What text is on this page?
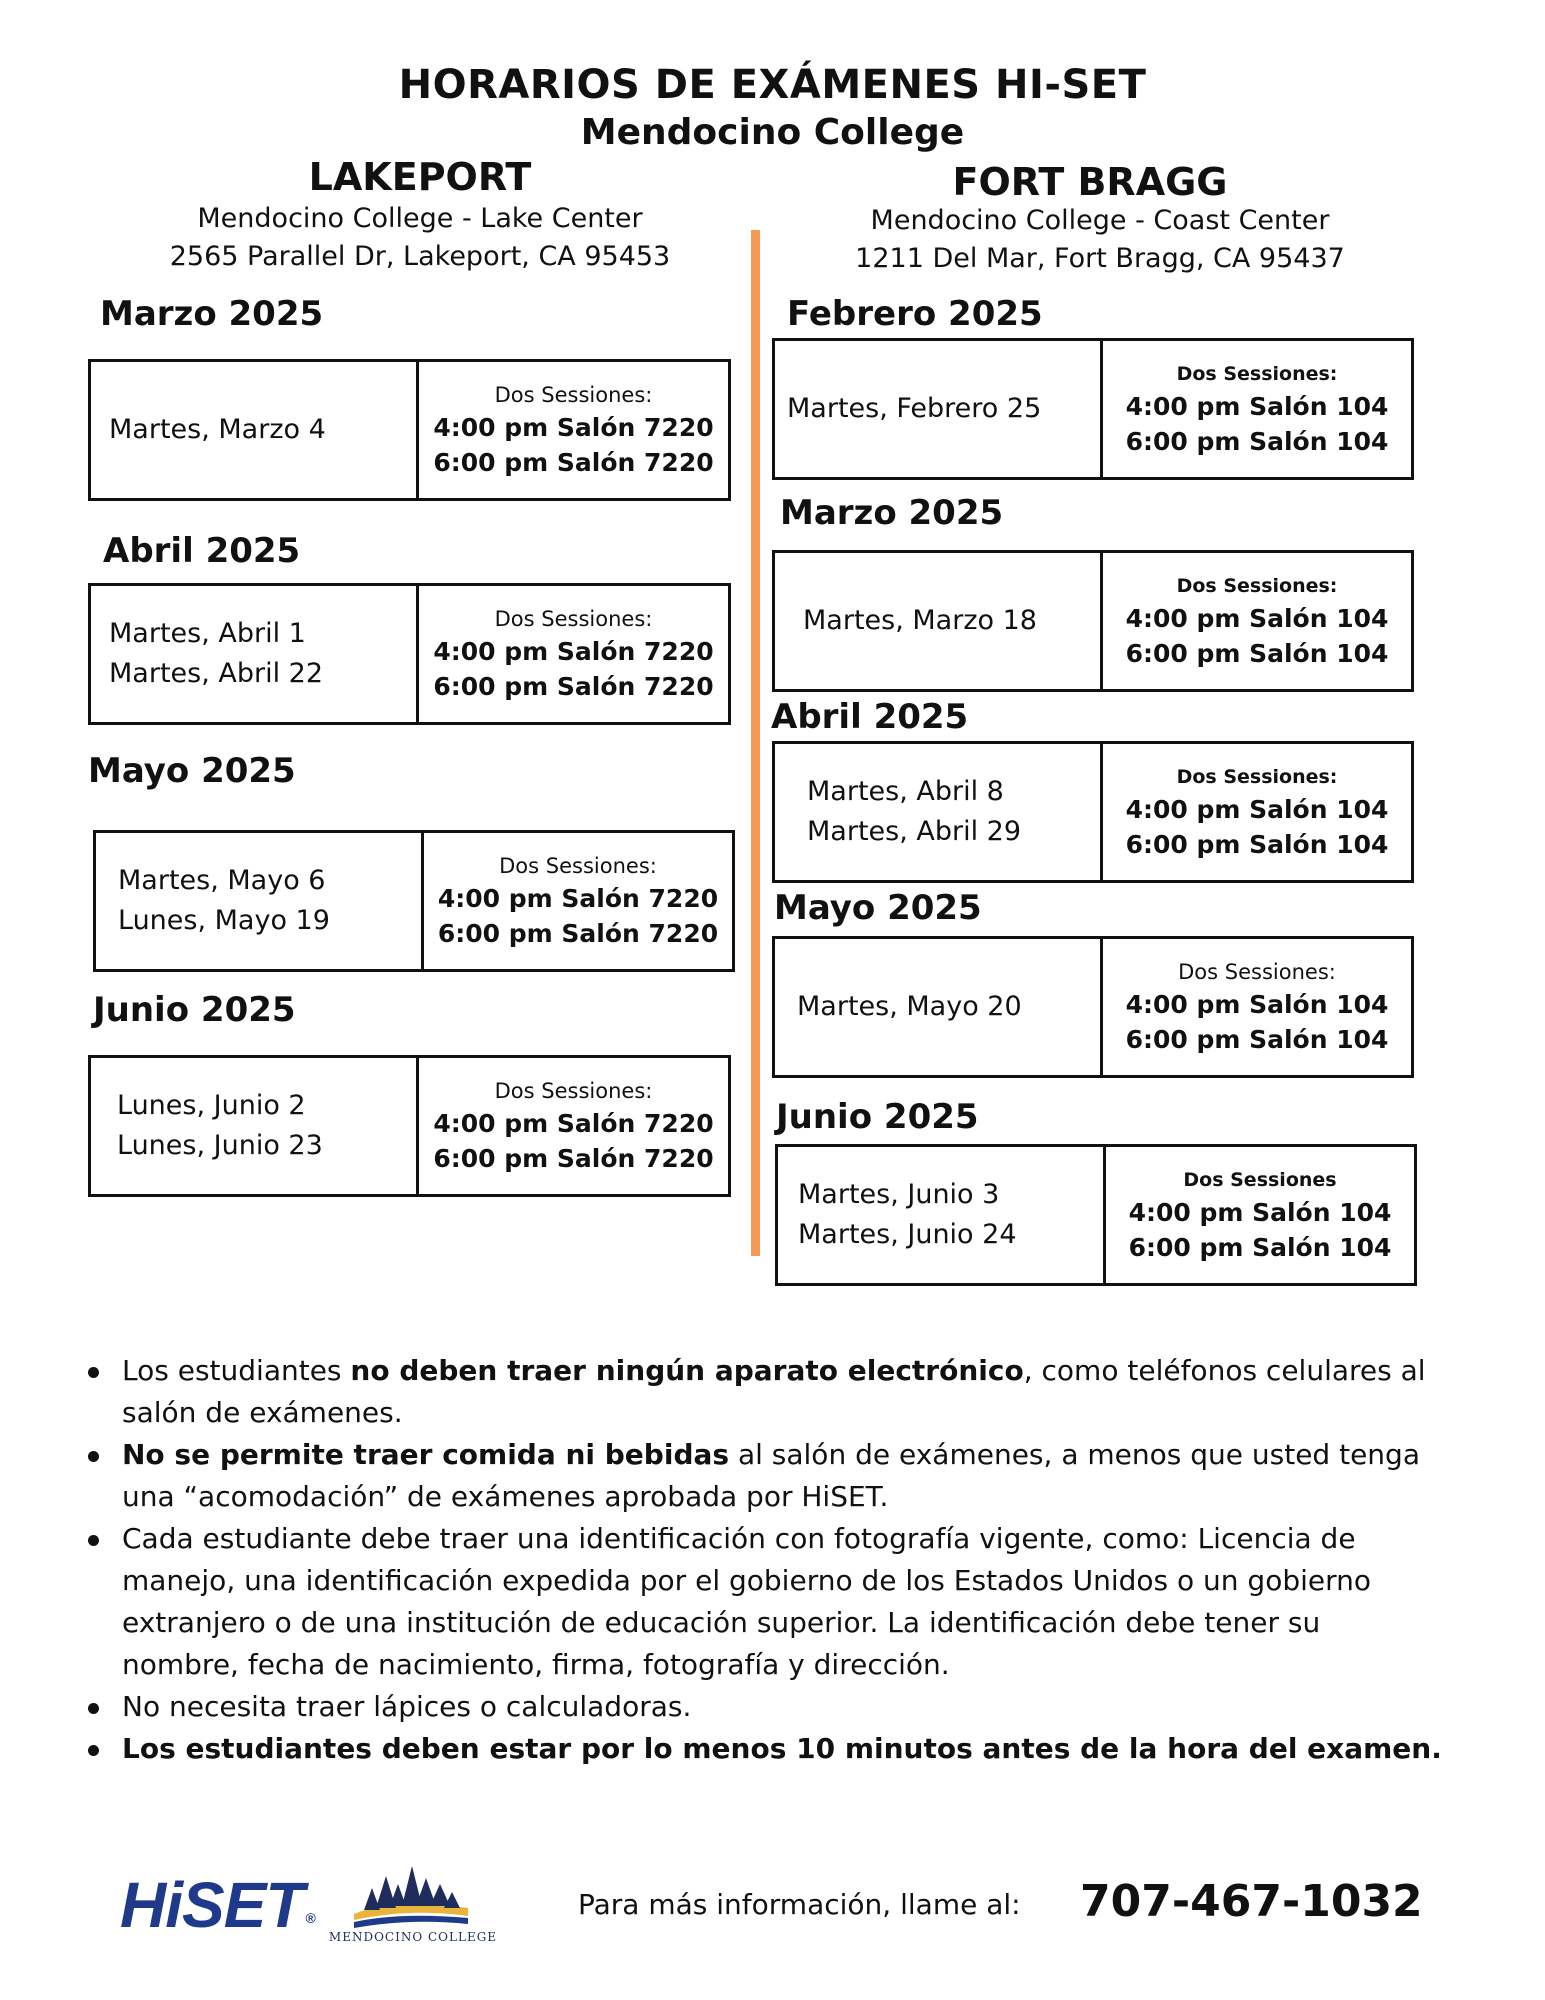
HORARIOS DE EXÁMENES HI-SET
Mendocino College
LAKEPORT
Mendocino College - Lake Center
2565 Parallel Dr, Lakeport, CA 95453
FORT BRAGG
Mendocino College - Coast Center
1211 Del Mar, Fort Bragg, CA 95437
Marzo 2025
Martes, Marzo 4
Dos Sessiones:
4:00 pm Salón 7220
6:00 pm Salón 7220
Abril 2025
Martes, Abril 1
Martes, Abril 22
Dos Sessiones:
4:00 pm Salón 7220
6:00 pm Salón 7220
Mayo 2025
Martes, Mayo 6
Lunes, Mayo 19
Dos Sessiones:
4:00 pm Salón 7220
6:00 pm Salón 7220
Junio 2025
Lunes, Junio 2
Lunes, Junio 23
Dos Sessiones:
4:00 pm Salón 7220
6:00 pm Salón 7220
Febrero 2025
Martes, Febrero 25
Dos Sessiones:
4:00 pm Salón 104
6:00 pm Salón 104
Marzo 2025
Martes, Marzo 18
Dos Sessiones:
4:00 pm Salón 104
6:00 pm Salón 104
Abril 2025
Martes, Abril 8
Martes, Abril 29
Dos Sessiones:
4:00 pm Salón 104
6:00 pm Salón 104
Mayo 2025
Martes, Mayo 20
Dos Sessiones:
4:00 pm Salón 104
6:00 pm Salón 104
Junio 2025
Martes, Junio 3
Martes, Junio 24
Dos Sessiones
4:00 pm Salón 104
6:00 pm Salón 104
Los estudiantes no deben traer ningún aparato electrónico, como teléfonos celulares al salón de exámenes.
No se permite traer comida ni bebidas al salón de exámenes, a menos que usted tenga una “acomodación” de exámenes aprobada por HiSET.
Cada estudiante debe traer una identificación con fotografía vigente, como: Licencia de manejo, una identificación expedida por el gobierno de los Estados Unidos o un gobierno extranjero o de una institución de educación superior. La identificación debe tener su nombre, fecha de nacimiento, firma, fotografía y dirección.
No necesita traer lápices o calculadoras.
Los estudiantes deben estar por lo menos 10 minutos antes de la hora del examen.
HiSET ®
MENDOCINO COLLEGE
Para más información, llame al: 707-467-1032
